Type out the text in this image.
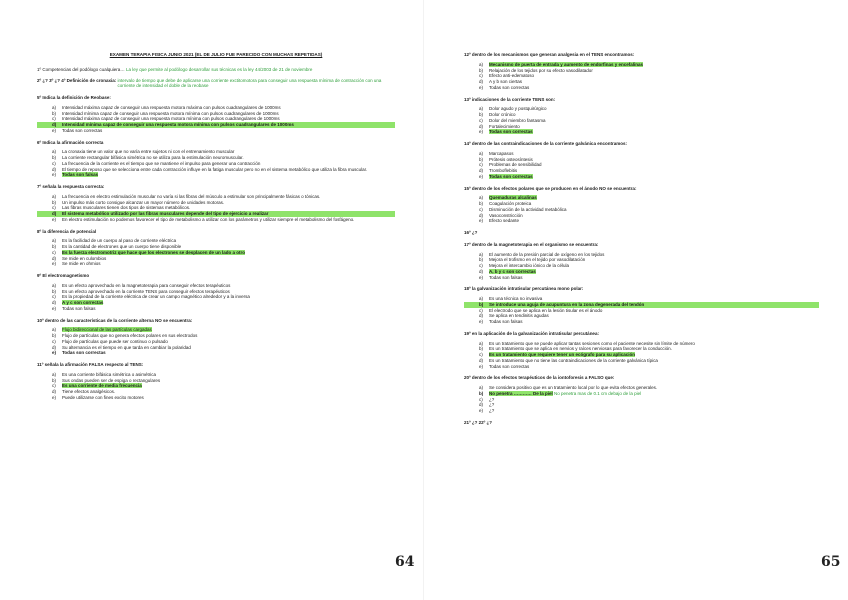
EXAMEN TERAPIA FISICA JUNIO 2021 (EL DE JULIO FUE PARECIDO CON MUCHAS REPETIDAS)
1º Competencias del podólogo cualquiera…
La ley que permite al podólogo desarrollar sus técnicas es la ley 44/2003 de 21 de noviembre
2º ¿? 3º ¿? 4º Definición de cronaxia:
intervalo de tiempo que debe de aplicarse una corriente exctitomotora para conseguir una respuesta mínima de contracción con una corriente de intensidad el doble de la reobase
5º Indica la definición de Reobase:
a)	Intensidad máxima capaz de conseguir una respuesta motora máxima con pulsos cuadrangulares de 1000ms
b)	Intensidad mínima capaz de conseguir una respuesta motora mínima con pulsos cuadrangulares de 1000ms
c)	Intensidad máxima capaz de conseguir una respuesta motora mínima con pulsos cuadrangulares de 1000ms
d)	Intensidad mínima capaz de conseguir una respuesta motora mínima con pulsos cuadrangulares de 1000ms
e)	Todas son correctas
6º Indica la afirmación correcta
a)	La cronaxia tiene un valor que no varía entre sujetos ni con el entrenamiento muscular
b)	La corriente rectangular bifásica simétrica no se utiliza para la estimulación neuromuscular.
c)	La frecuencia de la corriente es el tiempo que se mantiene el impulso para generar una contracción
d)	El tiempo de reposo que se selecciona entre cada contracción influye en la fatiga muscular pero no en el sistema metabólico que utiliza la fibra muscular.
e)	Todas son falsas
7º señala la respuesta correcta:
a)	La frecuencia en electro estimulación muscular no varía si las fibras del músculo a estimular son principalmente fásicas o tónicas.
b)	Un impulso más corto consigue alcanzar un mayor número de unidades motoras.
c)	Las fibras musculares tienen dos tipos de sistemas metabólicos.
d)	El sistema metabólico utilizado por las fibras musculares depende del tipo de ejercicio a realizar
e)	En electro estimulación no podemos favorecer el tipo de metabolismo a utilizar con los parámetros y utilizar siempre el metabolismo del fosfágeno.
8º la diferencia de potencial
a)	Es la facilidad de un cuerpo al paso de corriente eléctrica
b)	Es la cantidad de electrones que un cuerpo tiene disponible
c)	Es la fuerza electromotriz que hace que los electrones se desplacen de un lado a otro
d)	Se mide en culombios
e)	Se mide en ohmios
9º El electromagnetismo
a)	Es un efecto aprovechado en la magnetoterapia para conseguir efectos terapéuticos
b)	Es un efecto aprovechado en la corriente TENS para conseguir efectos terapéuticos
c)	Es la propiedad de la corriente eléctrica de crear un campo magnético alrededor y a la inversa
d)	A y c son correctas
e)	Todas son falsas
10º dentro de las características de la corriente alterna NO se encuentra:
a)	Flujo bidireccional de las partículas cargadas
b)	Flujo de partículas que no genera efectos polares en sus electrodos
c)	Flujo de partículas que puede ser continuo o pulsado
d)	Su alternancia es el tiempo en que tarda en cambiar la polaridad
e)	Todas son correctas
11º señala la afirmación FALSA respecto al TENS:
a)	Es una corriente bifásica simétrica o asimétrica
b)	Sus ondas pueden ser de espiga o rectangulares
c)	Es una corriente de media frecuencia
d)	Tiene efectos analgésicos.
e)	Puede utilizarse con fines excito motores
64
12º dentro de los mecanismos que generan analgesia en el TENS encontramos:
a)	Mecanismo de puerta de entrada y aumento de endorfinas y encefalinas
b)	Relajación de los tejidos por su efecto vasodilatador
c)	Efecto anti-edematoso
d)	A y b son ciertas
e)	Todas son correctas
13º indicaciones de la corriente TENS son:
a)	Dolor agudo y postquirúrgico
b)	Dolor crónico
c)	Dolor del miembro fantasma
d)	Fortalecimiento
e)	Todas son correctas
14º dentro de las contraindicaciones de la corriente galvánica encontramos:
a)	Marcapasos
b)	Prótesis osteosíntesis
c)	Problemas de sensibilidad
d)	Tromboflebitis
e)	Todas son correctas
15º dentro de los efectos polares que se producen en el ánodo NO se encuentra:
a)	Quemaduras alcalinas
b)	Coagulación proteica
c)	Disminución de la actividad metabólica
d)	Vasoconstricción
e)	Efecto sedante
16º ¿?
17º dentro de la magnetoterapia en el organismo se encuentra:
a)	El aumento de la presión parcial de oxígeno en los tejidos
b)	Mejora el trofismo en el tejido por vasodilatación
c)	Mejora el intercambio iónico de la célula
d)	A, b y c son correctas
e)	Todas son falsas
18º la galvanización intratisular percutánea mono polar:
a)	Es una técnica no invasiva
b)	Se introduce una aguja de acupuntura en la zona degenerada del tendón
c)	El electrodo que se aplica en la lesión tisular es el ánodo
d)	Se aplica en tendinitis agudas
e)	Todas son falsas
19º en la aplicación de la galvanización intratisular percutánea:
a)	Es un tratamiento que se puede aplicar tantas sesiones como el paciente necesite sin límite de número
b)	Es un tratamiento que se aplica en nervios y raíces nerviosas para favorecer la conducción.
c)	Es un tratamiento que requiere tener un ecógrafo para su aplicación
d)	Es un tratamiento que no tiene las contraindicaciones de la corriente galvánica típica
e)	Todas son correctas
20º dentro de los efectos terapéuticos de la iontoforesis a FALSO que:
a)	Se considera positivo que es un tratamiento local por lo que evita efectos generales.
b)	No penetra ………… De la piel No penetra mas de 0.1 cm debajo de la piel
c)	¿?
d)	¿?
e)	¿?
21º ¿? 22º ¿?
65
